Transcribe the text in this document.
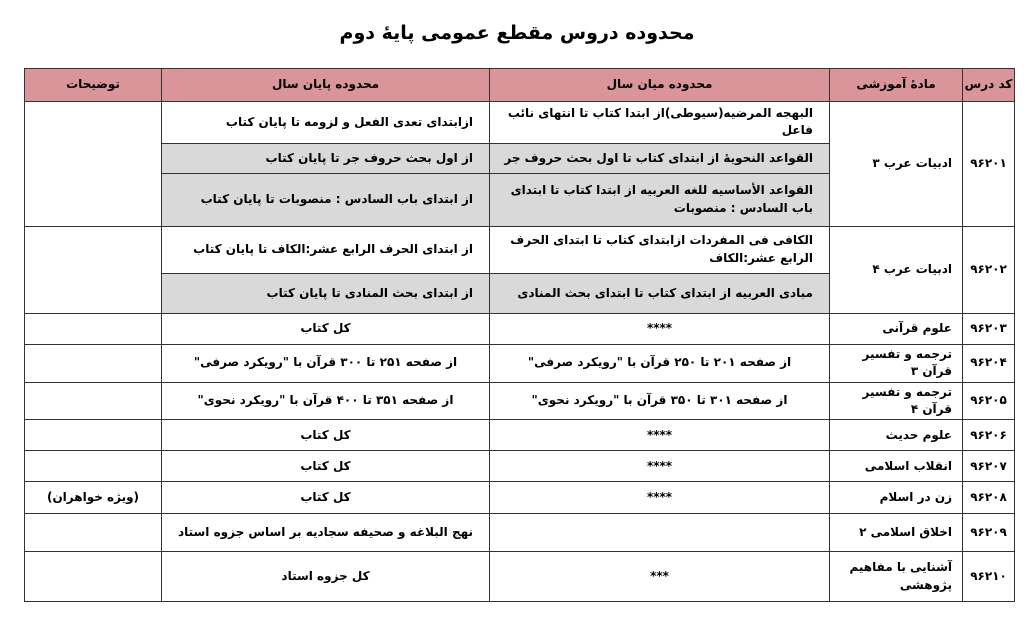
محدوده دروس مقطع عمومی پایهٔ دوم
کد درس	مادهٔ آموزشی	محدوده میان سال	محدوده پایان سال	توضیحات
۹۶۲۰۱	ادبیات عرب ۳	البهجه المرضیه(سیوطی)از ابتدا کتاب تا انتهای نائب فاعل	ازابتدای تعدی الفعل و لزومه تا پایان کتاب	
		القواعد النحویهٔ از ابتدای کتاب تا اول بحث حروف جر	از اول بحث حروف جر تا پایان کتاب	
		القواعد الأساسیه للغه العربیه از ابتدا کتاب تا ابتدای باب السادس : منصوبات	از ابتدای باب السادس : منصوبات تا پایان کتاب	
۹۶۲۰۲	ادبیات عرب ۴	الکافی فی المفردات ازابتدای کتاب تا ابتدای الحرف الرابع عشر:الکاف	از ابتدای الحرف الرابع عشر:الکاف تا پایان کتاب	
		مبادی العربیه از ابتدای کتاب تا ابتدای بحث المنادی	از ابتدای بحث المنادی تا پایان کتاب	
۹۶۲۰۳	علوم قرآنی	****	کل کتاب	
۹۶۲۰۴	ترجمه و تفسیر قرآن ۳	از صفحه ۲۰۱ تا ۲۵۰ قرآن با "رویکرد صرفی"	از صفحه ۲۵۱ تا ۳۰۰ قرآن با "رویکرد صرفی"	
۹۶۲۰۵	ترجمه و تفسیر قرآن ۴	از صفحه ۳۰۱ تا ۳۵۰ قرآن با "رویکرد نحوی"	از صفحه ۳۵۱ تا ۴۰۰ قرآن با "رویکرد نحوی"	
۹۶۲۰۶	علوم حدیث	****	کل کتاب	
۹۶۲۰۷	انقلاب اسلامی	****	کل کتاب	
۹۶۲۰۸	زن در اسلام	****	کل کتاب	(ویژه خواهران)
۹۶۲۰۹	اخلاق اسلامی ۲		نهج البلاغه و صحیفه سجادیه بر اساس جزوه استاد	
۹۶۲۱۰	آشنایی با مفاهیم پژوهشی	***	کل جزوه استاد	
